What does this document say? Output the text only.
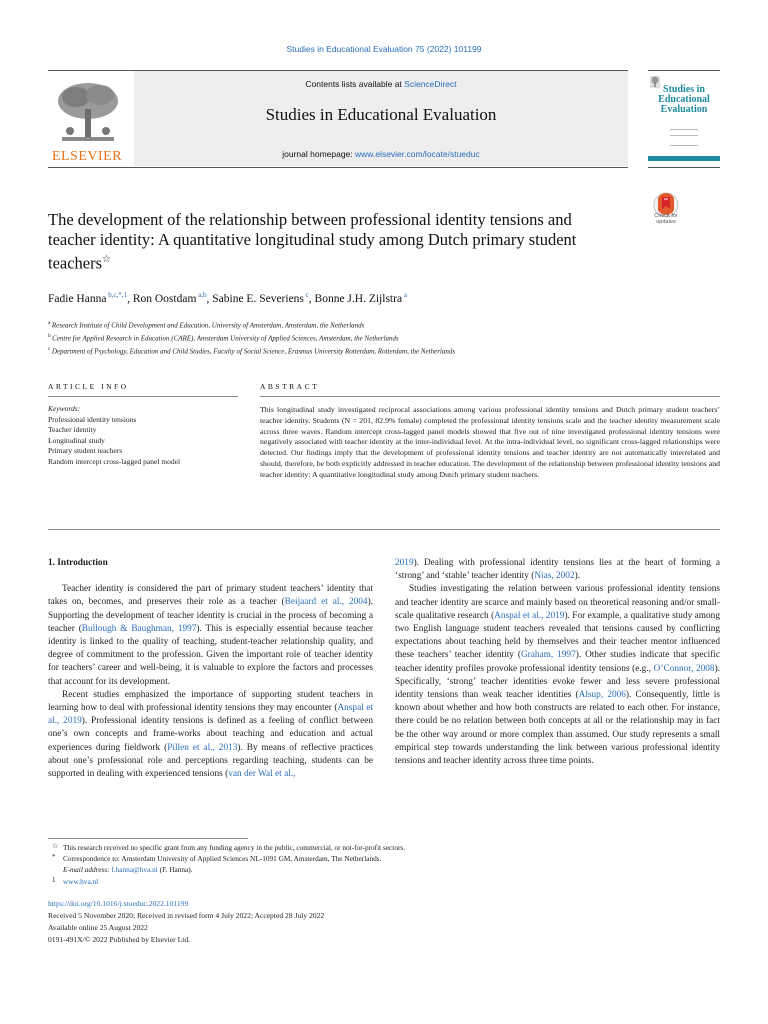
Studies in Educational Evaluation 75 (2022) 101199
ELSEVIER
Contents lists available at ScienceDirect
Studies in Educational Evaluation
journal homepage: www.elsevier.com/locate/stueduc
Studies in Educational Evaluation
The development of the relationship between professional identity tensions and teacher identity: A quantitative longitudinal study among Dutch primary student teachers☆
Check for updates
Fadie Hanna $^{b,c,*,1}$, Ron Oostdam $^{a,b}$, Sabine E. Severiens $^c$, Bonne J.H. Zijlstra $^a$
$^a$ Research Institute of Child Development and Education, University of Amsterdam, Amsterdam, the Netherlands
$^b$ Centre for Applied Research in Education (CARE), Amsterdam University of Applied Sciences, Amsterdam, the Netherlands
$^c$ Department of Psychology, Education and Child Studies, Faculty of Social Science, Erasmus University Rotterdam, Rotterdam, the Netherlands
ARTICLE INFO	ABSTRACT
Keywords:
Professional identity tensions
Teacher identity
Longitudinal study
Primary student teachers
Random intercept cross-lagged panel model
This longitudinal study investigated reciprocal associations among various professional identity tensions and Dutch primary student teachers’ teacher identity. Students (N = 201, 82.9% female) completed the professional identity tensions scale and the teacher identity measurement scale across three waves. Random intercept cross-lagged panel models showed that five out of nine investigated professional identity tensions were negatively associated with teacher identity at the inter-individual level. At the intra-individual level, no significant cross-lagged relationships were detected. Our findings imply that the development of professional identity tensions and teacher identity are not automatically interrelated and should, therefore, be both explicitly addressed in teacher education. The development of the relationship between professional identity tensions and teacher identity: A quantitative longitudinal study among Dutch primary student teachers.
1. Introduction

Teacher identity is considered the part of primary student teachers’ identity that takes on, becomes, and preserves their role as a teacher (Beijaard et al., 2004). Supporting the development of teacher identity is crucial in the process of becoming a teacher (Bullough & Baughman, 1997). This is especially essential because teacher identity is linked to the quality of teaching, student-teacher relationship quality, and degree of commitment to the profession. Given the important role of teacher identity for teachers’ career and well-being, it is valuable to explore the factors and processes that account for its development.

Recent studies emphasized the importance of supporting student teachers in learning how to deal with professional identity tensions they may encounter (Anspal et al., 2019). Professional identity tensions is defined as a feeling of conflict between one’s own concepts and frame-works about teaching and education and actual experiences during fieldwork (Pillen et al., 2013). By means of reflective practices about one’s professional role and perceptions regarding teaching, students can be supported in dealing with experienced tensions (van der Wal et al.,

2019). Dealing with professional identity tensions lies at the heart of forming a ‘strong’ and ‘stable’ teacher identity (Nias, 2002).

Studies investigating the relation between various professional identity tensions and teacher identity are scarce and mainly based on theoretical reasoning and/or small-scale qualitative research (Anspal et al., 2019). For example, a qualitative study among two English language student teachers revealed that tensions caused by conflicting expectations about teaching held by themselves and their teacher mentor influenced these teachers’ teacher identity (Graham, 1997). Other studies indicate that specific teacher identity profiles provoke professional identity tensions (e.g., O’Connor, 2008). Specifically, ‘strong’ teacher identities evoke fewer and less severe professional identity tensions than weak teacher identities (Alsup, 2006). Consequently, little is known about whether and how both constructs are related to each other. For instance, there could be no relation between both concepts at all or the relationship may in fact be the other way around or more complex than assumed. Our study represents a small empirical step towards understanding the link between various professional identity tensions and teacher identity across three time points.

☆ This research received no specific grant from any funding agency in the public, commercial, or not-for-profit sectors.
* Correspondence to: Amsterdam University of Applied Sciences NL-1091 GM, Amsterdam, The Netherlands.
E-mail address: f.hanna@hva.nl (F. Hanna).
1 www.hva.nl
https://doi.org/10.1016/j.stueduc.2022.101199
Received 5 November 2020; Received in revised form 4 July 2022; Accepted 28 July 2022
Available online 25 August 2022
0191-491X/© 2022 Published by Elsevier Ltd.
